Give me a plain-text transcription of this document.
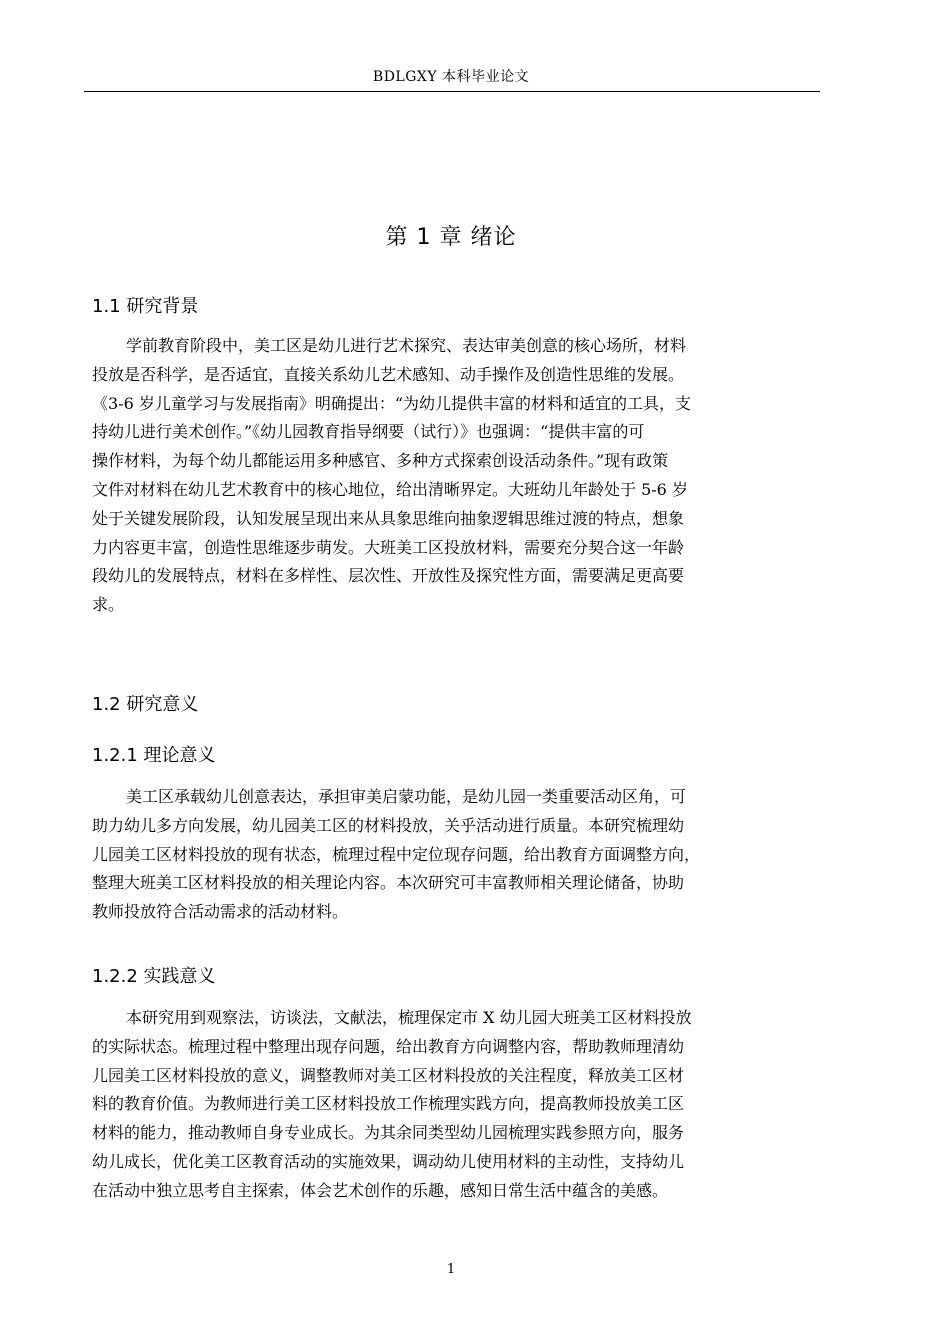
BDLGXY 本科毕业论文
第 1 章 绪论
1.1 研究背景
学前教育阶段中，美工区是幼儿进行艺术探究、表达审美创意的核心场所，材料
投放是否科学，是否适宜，直接关系幼儿艺术感知、动手操作及创造性思维的发展。
《3-6 岁儿童学习与发展指南》明确提出：“为幼儿提供丰富的材料和适宜的工具，支
持幼儿进行美术创作。”《幼儿园教育指导纲要（试行）》也强调：“提供丰富的可
操作材料，为每个幼儿都能运用多种感官、多种方式探索创设活动条件。”现有政策
文件对材料在幼儿艺术教育中的核心地位，给出清晰界定。大班幼儿年龄处于 5-6 岁
处于关键发展阶段，认知发展呈现出来从具象思维向抽象逻辑思维过渡的特点，想象
力内容更丰富，创造性思维逐步萌发。大班美工区投放材料，需要充分契合这一年龄
段幼儿的发展特点，材料在多样性、层次性、开放性及探究性方面，需要满足更高要
求。
1.2 研究意义
1.2.1 理论意义
美工区承载幼儿创意表达，承担审美启蒙功能，是幼儿园一类重要活动区角，可
助力幼儿多方向发展，幼儿园美工区的材料投放，关乎活动进行质量。本研究梳理幼
儿园美工区材料投放的现有状态，梳理过程中定位现存问题，给出教育方面调整方向，
整理大班美工区材料投放的相关理论内容。本次研究可丰富教师相关理论储备，协助
教师投放符合活动需求的活动材料。
1.2.2 实践意义
本研究用到观察法，访谈法，文献法，梳理保定市 X 幼儿园大班美工区材料投放
的实际状态。梳理过程中整理出现存问题，给出教育方向调整内容，帮助教师理清幼
儿园美工区材料投放的意义，调整教师对美工区材料投放的关注程度，释放美工区材
料的教育价值。为教师进行美工区材料投放工作梳理实践方向，提高教师投放美工区
材料的能力，推动教师自身专业成长。为其余同类型幼儿园梳理实践参照方向，服务
幼儿成长，优化美工区教育活动的实施效果，调动幼儿使用材料的主动性，支持幼儿
在活动中独立思考自主探索，体会艺术创作的乐趣，感知日常生活中蕴含的美感。
1
